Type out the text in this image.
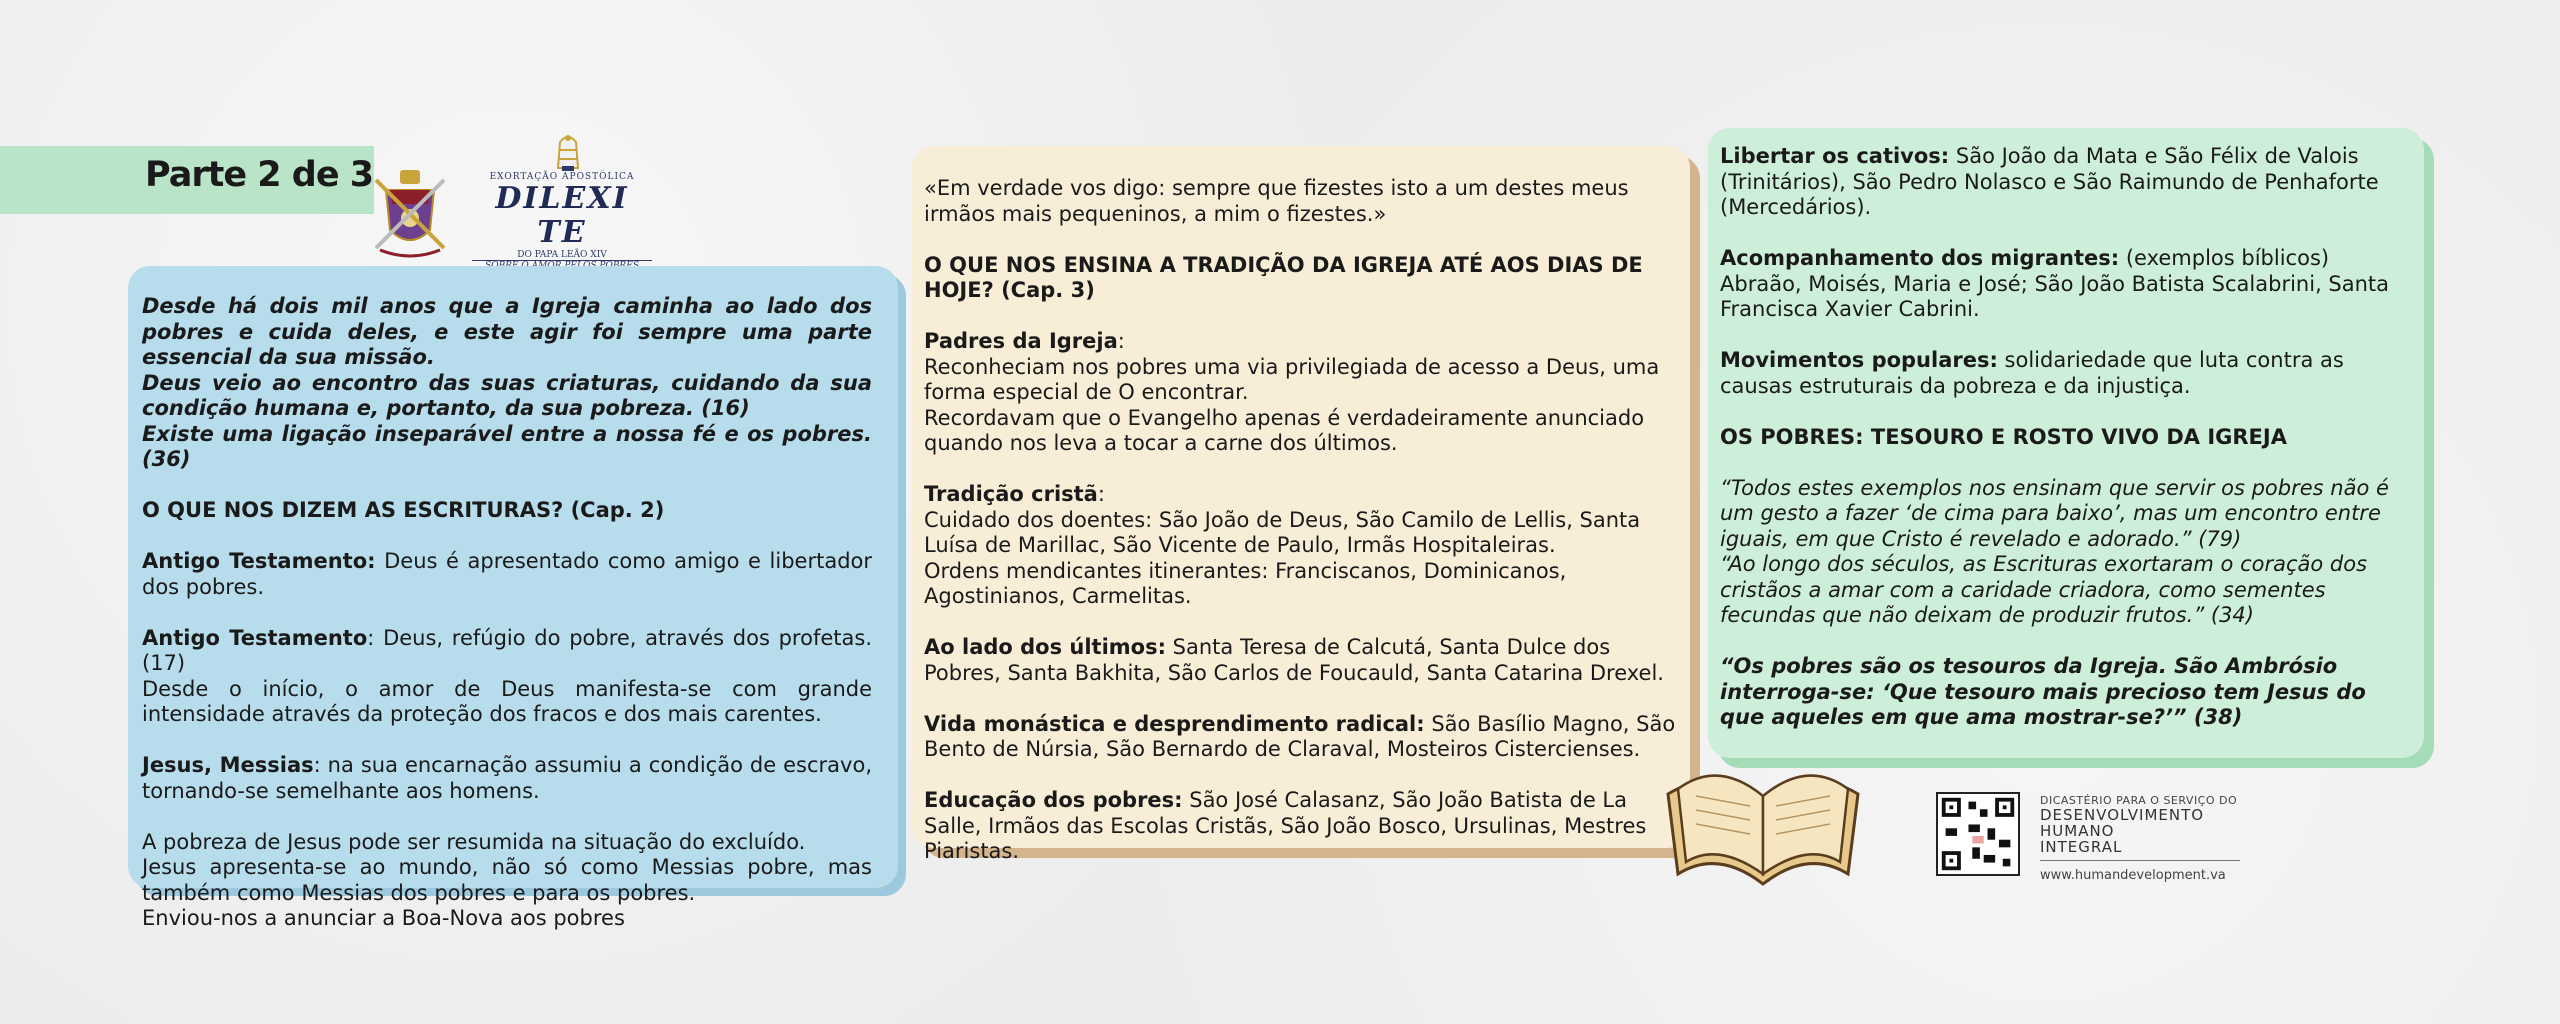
Parte 2 de 3	EXORTAÇÃO APOSTÓLICA
DILEXI TE
DO PAPA LEÃO XIV

Desde há dois mil anos que a Igreja caminha ao lado dos pobres e cuida deles, e este agir foi sempre uma parte essencial da sua missão.

Deus veio ao encontro das suas criaturas, cuidando da sua condição humana e, portanto, da sua pobreza. (16)

Existe uma ligação inseparável entre a nossa fé e os pobres. (36)

O QUE NOS DIZEM AS ESCRITURAS? (Cap. 2)

Antigo Testamento: Deus é apresentado como amigo e libertador dos pobres.

Antigo Testamento: Deus, refúgio do pobre, através dos profetas. (17)

Desde o início, o amor de Deus manifesta-se com grande intensidade através da proteção dos fracos e dos mais carentes.

Jesus, Messias: na sua encarnação assumiu a condição de escravo, tornando-se semelhante aos homens.

A pobreza de Jesus pode ser resumida na situação do excluído.

Jesus apresenta-se ao mundo, não só como Messias pobre, mas também como Messias dos pobres e para os pobres.

Enviou-nos a anunciar a Boa-Nova aos pobres

«Em verdade vos digo: sempre que fizestes isto a um destes meus irmãos mais pequeninos, a mim o fizestes.»

O QUE NOS ENSINA A TRADIÇÃO DA IGREJA ATÉ AOS DIAS DE HOJE? (Cap. 3)

Padres da Igreja:

Reconheciam nos pobres uma via privilegiada de acesso a Deus, uma forma especial de O encontrar.

Recordavam que o Evangelho apenas é verdadeiramente anunciado quando nos leva a tocar a carne dos últimos.

Tradição cristã:

Cuidado dos doentes: São João de Deus, São Camilo de Lellis, Santa Luísa de Marillac, São Vicente de Paulo, Irmãs Hospitaleiras.

Ordens mendicantes itinerantes: Franciscanos, Dominicanos, Agostinianos, Carmelitas.

Ao lado dos últimos: Santa Teresa de Calcutá, Santa Dulce dos Pobres, Santa Bakhita, São Carlos de Foucauld, Santa Catarina Drexel.

Vida monástica e desprendimento radical: São Basílio Magno, São Bento de Núrsia, São Bernardo de Claraval, Mosteiros Cistercienses.

Educação dos pobres: São José Calasanz, São João Batista de La Salle, Irmãos das Escolas Cristãs, São João Bosco, Ursulinas, Mestres Piaristas.

Libertar os cativos: São João da Mata e São Félix de Valois (Trinitários), São Pedro Nolasco e São Raimundo de Penhaforte (Mercedários).

Acompanhamento dos migrantes: (exemplos bíblicos) Abraão, Moisés, Maria e José; São João Batista Scalabrini, Santa Francisca Xavier Cabrini.

Movimentos populares: solidariedade que luta contra as causas estruturais da pobreza e da injustiça.

OS POBRES: TESOURO E ROSTO VIVO DA IGREJA

“Todos estes exemplos nos ensinam que servir os pobres não é um gesto a fazer ‘de cima para baixo’, mas um encontro entre iguais, em que Cristo é revelado e adorado.” (79)

“Ao longo dos séculos, as Escrituras exortaram o coração dos cristãos a amar com a caridade criadora, como sementes fecundas que não deixam de produzir frutos.” (34)

“Os pobres são os tesouros da Igreja. São Ambrósio interroga-se: ‘Que tesouro mais precioso tem Jesus do que aqueles em que ama mostrar-se?’” (38)

DICASTÉRIO PARA O SERVIÇO DO
DESENVOLVIMENTO
HUMANO
INTEGRAL
www.humandevelopment.va
